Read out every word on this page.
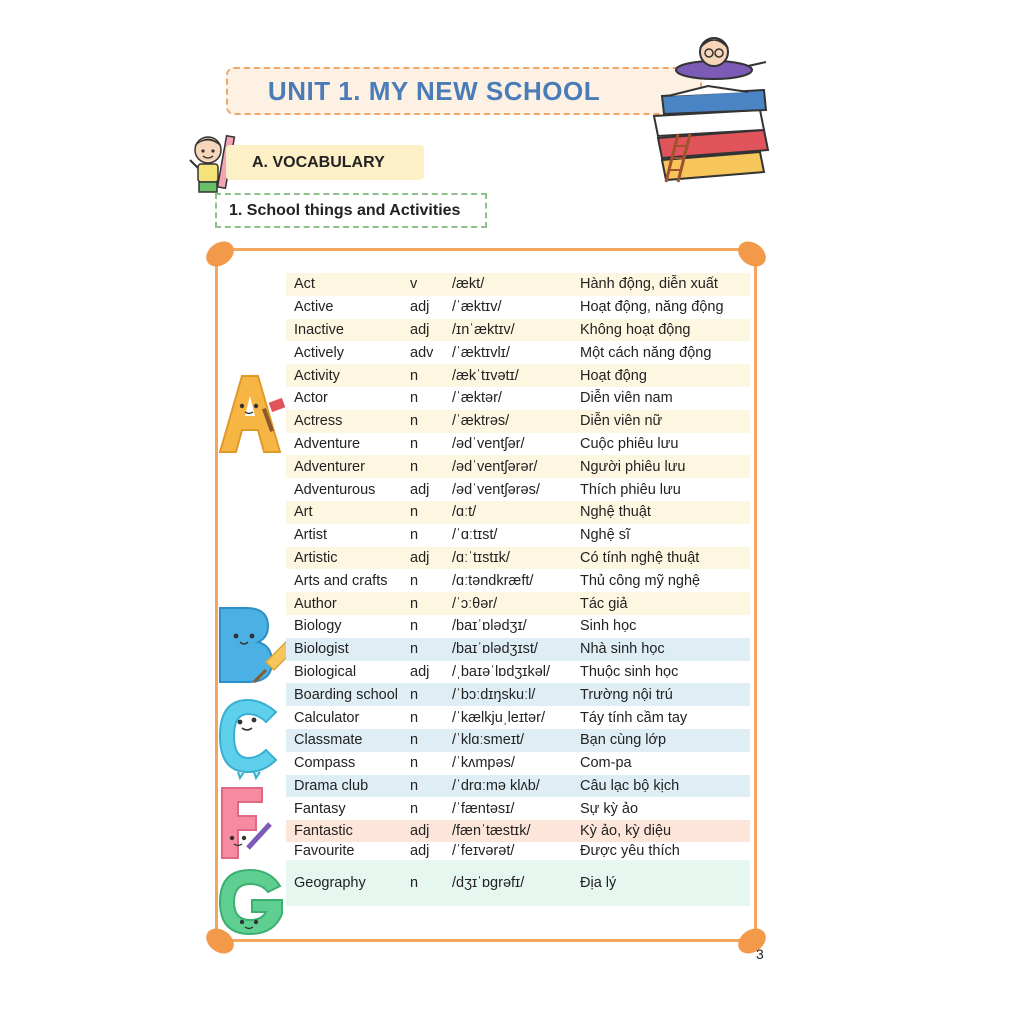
UNIT 1. MY NEW SCHOOL
A. VOCABULARY
1. School things and Activities
Act	v	/ækt/	Hành động, diễn xuất
Active	adj	/ˈæktɪv/	Hoạt động, năng động
Inactive	adj	/ɪnˈæktɪv/	Không hoạt động
Actively	adv	/ˈæktɪvlɪ/	Một cách năng động
Activity	n	/ækˈtɪvətɪ/	Hoạt động
Actor	n	/ˈæktər/	Diễn viên nam
Actress	n	/ˈæktrəs/	Diễn viên nữ
Adventure	n	/ədˈventʃər/	Cuộc phiêu lưu
Adventurer	n	/ədˈventʃərər/	Người phiêu lưu
Adventurous	adj	/ədˈventʃərəs/	Thích phiêu lưu
Art	n	/ɑːt/	Nghệ thuật
Artist	n	/ˈɑːtɪst/	Nghệ sĩ
Artistic	adj	/ɑːˈtɪstɪk/	Có tính nghệ thuật
Arts and crafts	n	/ɑːtəndkræft/	Thủ công mỹ nghệ
Author	n	/ˈɔːθər/	Tác giả
Biology	n	/baɪˈɒlədʒɪ/	Sinh học
Biologist	n	/baɪˈɒlədʒɪst/	Nhà sinh học
Biological	adj	/ˌbaɪəˈlɒdʒɪkəl/	Thuộc sinh học
Boarding school n	/ˈbɔːdɪŋskuːl/	Trường nội trú
Calculator	n	/ˈkælkjuˌleɪtər/	Táy tính cầm tay
Classmate	n	/ˈklɑːsmeɪt/	Bạn cùng lớp
Compass	n	/ˈkʌmpəs/	Com-pa
Drama club	n	/ˈdrɑːmə klʌb/	Câu lạc bộ kịch
Fantasy	n	/ˈfæntəsɪ/	Sự kỳ ảo
Fantastic	adj	/fænˈtæstɪk/	Kỳ ảo, kỳ diệu
Favourite	adj	/ˈfeɪvərət/	Được yêu thích
Geography	n	/dʒɪˈɒgrəfɪ/	Địa lý
3
